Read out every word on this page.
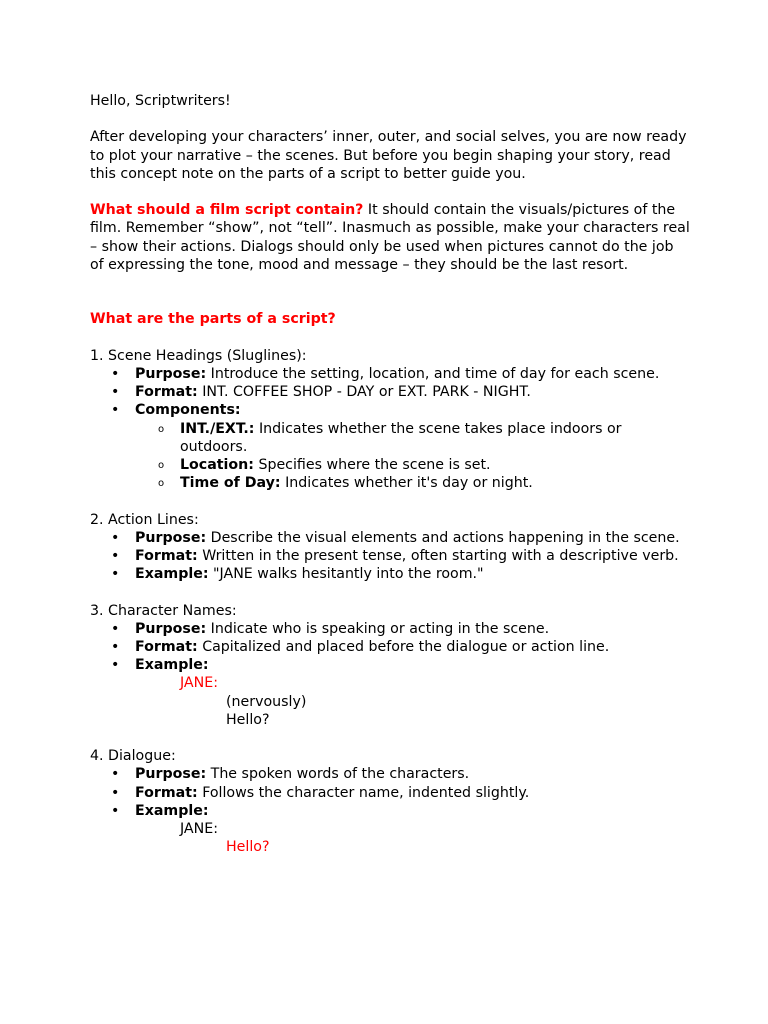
Hello, Scriptwriters!

After developing your characters’ inner, outer, and social selves, you are now ready to plot your narrative – the scenes. But before you begin shaping your story, read this concept note on the parts of a script to better guide you.

What should a film script contain? It should contain the visuals/pictures of the film. Remember “show”, not “tell”. Inasmuch as possible, make your characters real – show their actions. Dialogs should only be used when pictures cannot do the job of expressing the tone, mood and message – they should be the last resort.

What are the parts of a script?

1. Scene Headings (Sluglines):

• Purpose: Introduce the setting, location, and time of day for each scene.
• Format: INT. COFFEE SHOP - DAY or EXT. PARK - NIGHT.
• Components:
o INT./EXT.: Indicates whether the scene takes place indoors or outdoors.
o Location: Specifies where the scene is set.
o Time of Day: Indicates whether it's day or night.

2. Action Lines:

• Purpose: Describe the visual elements and actions happening in the scene.
• Format: Written in the present tense, often starting with a descriptive verb.
• Example: "JANE walks hesitantly into the room."

3. Character Names:

• Purpose: Indicate who is speaking or acting in the scene.
• Format: Capitalized and placed before the dialogue or action line.
• Example:

JANE:

(nervously)

Hello?

4. Dialogue:

• Purpose: The spoken words of the characters.
• Format: Follows the character name, indented slightly.
• Example:

JANE:

Hello?
